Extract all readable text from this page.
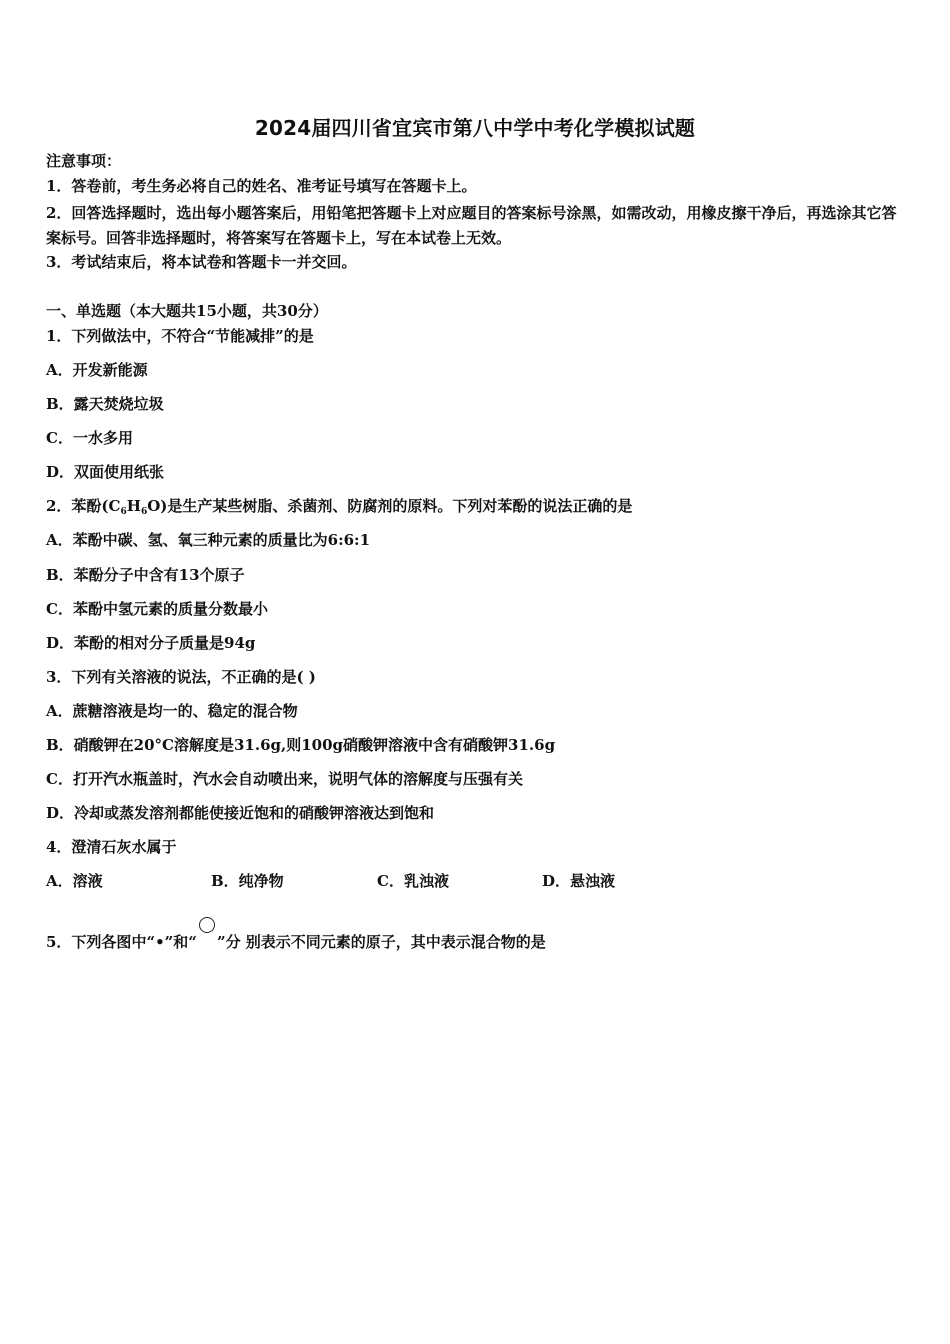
2024届四川省宜宾市第八中学中考化学模拟试题
注意事项：
1．答卷前，考生务必将自己的姓名、准考证号填写在答题卡上。
2．回答选择题时，选出每小题答案后，用铅笔把答题卡上对应题目的答案标号涂黑，如需改动，用橡皮擦干净后，再选涂其它答案标号。回答非选择题时，将答案写在答题卡上，写在本试卷上无效。
3．考试结束后，将本试卷和答题卡一并交回。
一、单选题（本大题共15小题，共30分）
1．下列做法中，不符合“节能减排”的是
A．开发新能源
B．露天焚烧垃圾
C．一水多用
D．双面使用纸张
2．苯酚$(C_6H_6O)$是生产某些树脂、杀菌剂、防腐剂的原料。下列对苯酚的说法正确的是
A．苯酚中碳、氢、氧三种元素的质量比为6:6:1
B．苯酚分子中含有13个原子
C．苯酚中氢元素的质量分数最小
D．苯酚的相对分子质量是94g
3．下列有关溶液的说法，不正确的是( )
A．蔗糖溶液是均一的、稳定的混合物
B．硝酸钾在20°C溶解度是31.6g,则100g硝酸钾溶液中含有硝酸钾31.6g
C．打开汽水瓶盖时，汽水会自动喷出来，说明气体的溶解度与压强有关
D．冷却或蒸发溶剂都能使接近饱和的硝酸钾溶液达到饱和
4．澄清石灰水属于
A．溶液	B．纯净物	C．乳浊液	D．悬浊液
5．下列各图中“•”和“ ”分 别表示不同元素的原子，其中表示混合物的是
